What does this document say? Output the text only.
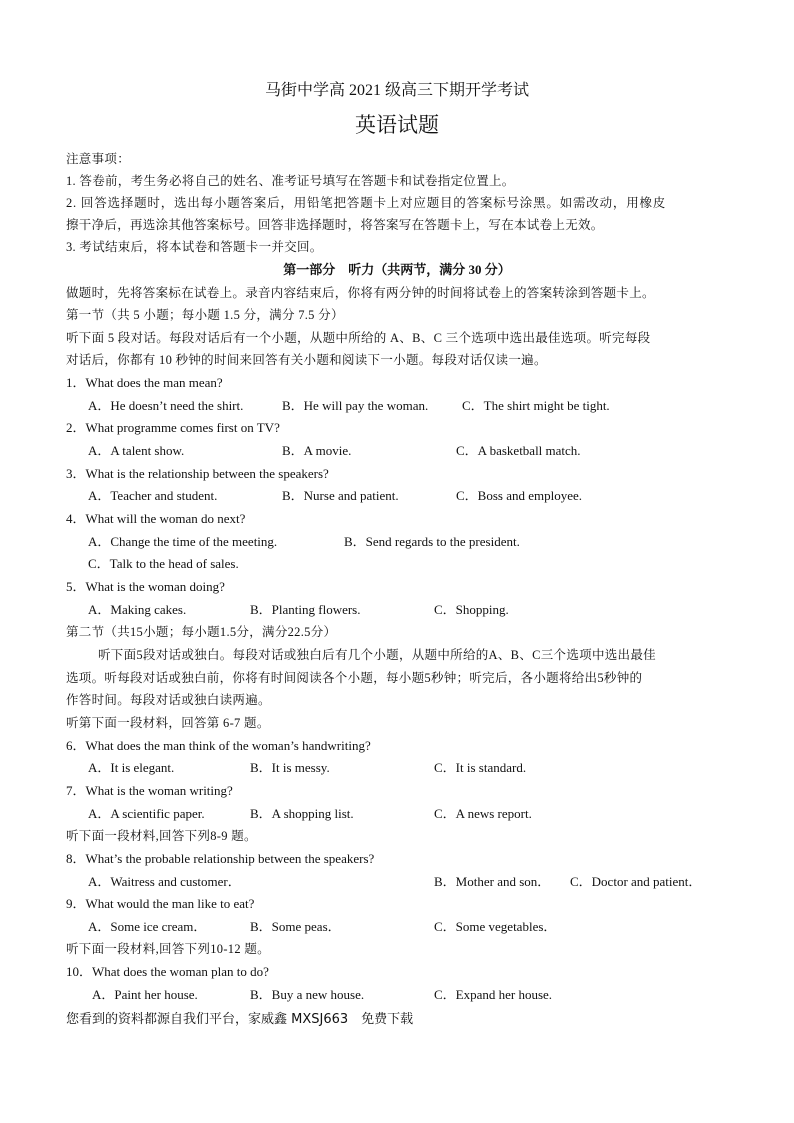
马街中学高 2021 级高三下期开学考试
英语试题
注意事项：
1. 答卷前，考生务必将自己的姓名、准考证号填写在答题卡和试卷指定位置上。
2. 回答选择题时，选出每小题答案后，用铅笔把答题卡上对应题目的答案标号涂黑。如需改动，用橡皮
擦干净后，再选涂其他答案标号。回答非选择题时，将答案写在答题卡上，写在本试卷上无效。
3. 考试结束后，将本试卷和答题卡一并交回。
第一部分　听力（共两节，满分 30 分）
做题时，先将答案标在试卷上。录音内容结束后，你将有两分钟的时间将试卷上的答案转涂到答题卡上。
第一节（共 5 小题；每小题 1.5 分，满分 7.5 分）
听下面 5 段对话。每段对话后有一个小题，从题中所给的 A、B、C 三个选项中选出最佳选项。听完每段
对话后，你都有 10 秒钟的时间来回答有关小题和阅读下一小题。每段对话仅读一遍。
1．What does the man mean?
A．He doesn’t need the shirt.	B．He will pay the woman.	C．The shirt might be tight.
2．What programme comes first on TV?
A．A talent show.	B．A movie.	C．A basketball match.
3．What is the relationship between the speakers?
A．Teacher and student.	B．Nurse and patient.	C．Boss and employee.
4．What will the woman do next?
A．Change the time of the meeting.	B．Send regards to the president.
C．Talk to the head of sales.
5．What is the woman doing?
A．Making cakes.	B．Planting flowers.	C．Shopping.
第二节（共15小题；每小题1.5分，满分22.5分）
听下面5段对话或独白。每段对话或独白后有几个小题，从题中所给的A、B、C三个选项中选出最佳
选项。听每段对话或独白前，你将有时间阅读各个小题，每小题5秒钟；听完后，各小题将给出5秒钟的
作答时间。每段对话或独白读两遍。
听第下面一段材料，回答第 6-7 题。
6．What does the man think of the woman’s handwriting?
A．It is elegant.	B．It is messy.	C．It is standard.
7．What is the woman writing?
A．A scientific paper.	B．A shopping list.	C．A news report.
听下面一段材料,回答下列8-9 题。
8．What’s the probable relationship between the speakers?
A．Waitress and customer．	B．Mother and son． C．Doctor and patient．
9．What would the man like to eat?
A．Some ice cream．	B．Some peas．	C．Some vegetables．
听下面一段材料,回答下列10-12 题。
10．What does the woman plan to do?
A．Paint her house.	B．Buy a new house.	C．Expand her house.
您看到的资料都源自我们平台，家威鑫 MXSJ663　免费下载
